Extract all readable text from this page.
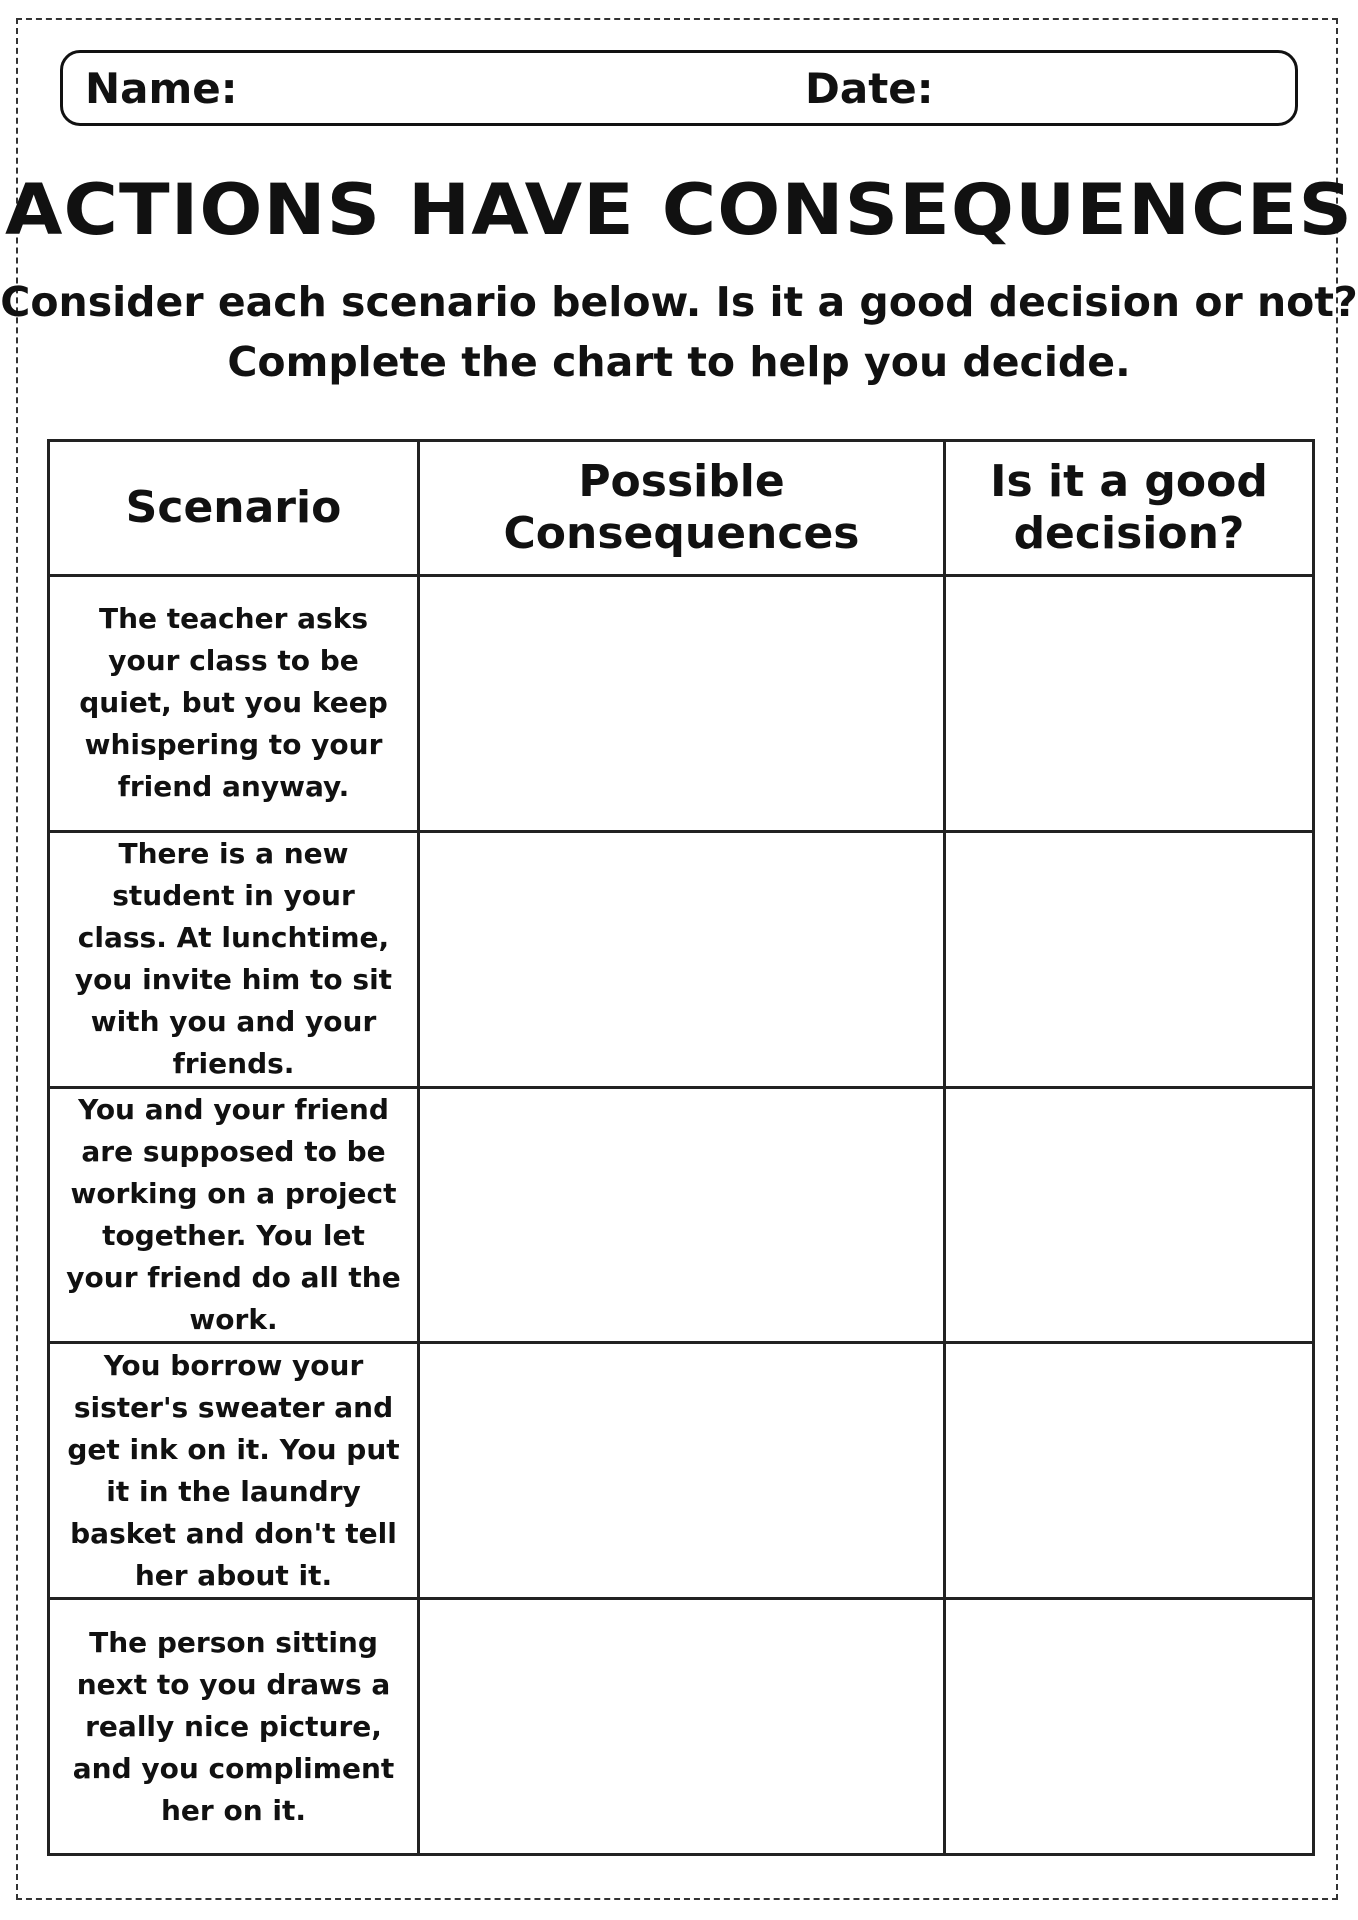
Name:	Date:
ACTIONS HAVE CONSEQUENCES
Consider each scenario below. Is it a good decision or not?
Complete the chart to help you decide.
Scenario	Possible Consequences	Is it a good decision?
The teacher asks your class to be quiet, but you keep whispering to your friend anyway.		
There is a new student in your class. At lunchtime, you invite him to sit with you and your friends.		
You and your friend are supposed to be working on a project together. You let your friend do all the work.		
You borrow your sister's sweater and get ink on it. You put it in the laundry basket and don't tell her about it.		
The person sitting next to you draws a really nice picture, and you compliment her on it.		
